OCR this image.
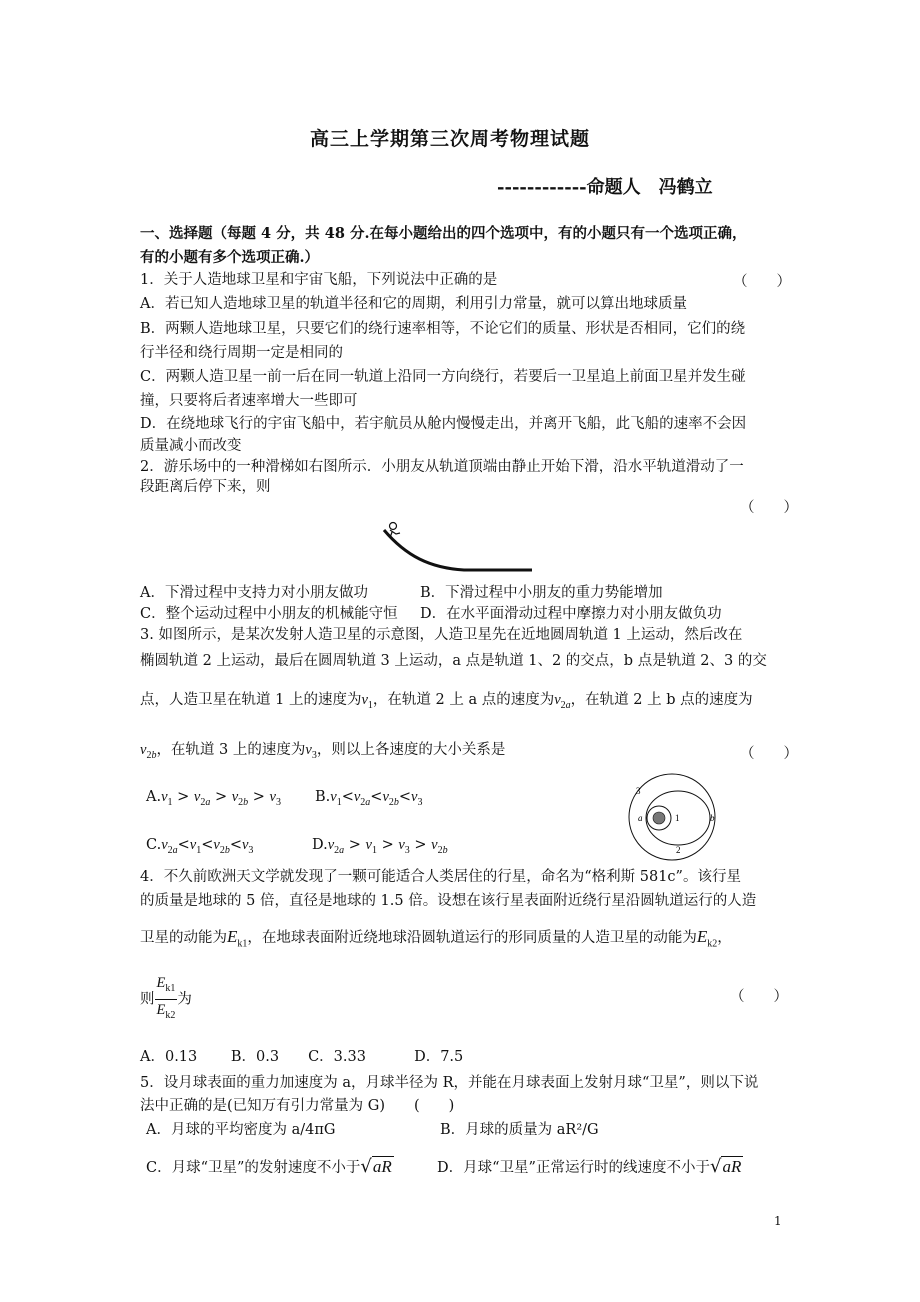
高三上学期第三次周考物理试题
------------命题人　冯鹤立
一、选择题（每题 4 分，共 48 分.在每小题给出的四个选项中，有的小题只有一个选项正确，
有的小题有多个选项正确.）
1．关于人造地球卫星和宇宙飞船，下列说法中正确的是	（　　）
A．若已知人造地球卫星的轨道半径和它的周期，利用引力常量，就可以算出地球质量
B．两颗人造地球卫星，只要它们的绕行速率相等，不论它们的质量、形状是否相同，它们的绕
行半径和绕行周期一定是相同的
C．两颗人造卫星一前一后在同一轨道上沿同一方向绕行，若要后一卫星追上前面卫星并发生碰
撞，只要将后者速率增大一些即可
D．在绕地球飞行的宇宙飞船中，若宇航员从舱内慢慢走出，并离开飞船，此飞船的速率不会因
质量减小而改变
2．游乐场中的一种滑梯如右图所示．小朋友从轨道顶端由静止开始下滑，沿水平轨道滑动了一
段距离后停下来，则
（　　）
A．下滑过程中支持力对小朋友做功	B．下滑过程中小朋友的重力势能增加
C．整个运动过程中小朋友的机械能守恒 D．在水平面滑动过程中摩擦力对小朋友做负功
3. 如图所示，是某次发射人造卫星的示意图，人造卫星先在近地圆周轨道 1 上运动，然后改在
椭圆轨道 2 上运动，最后在圆周轨道 3 上运动，a 点是轨道 1、2 的交点，b 点是轨道 2、3 的交
点，人造卫星在轨道 1 上的速度为$v_1$，在轨道 2 上 a 点的速度为$v_{2a}$，在轨道 2 上 b 点的速度为
$v_{2b}$，在轨道 3 上的速度为$v_3$，则以上各速度的大小关系是	（　　）
$A.v_1 > v_{2a} > v_{2b} > v_3$ $B.v_1<v_{2a}<v_{2b}<v_3$
$C.v_{2a}<v_1<v_{2b}<v_3$	$D.v_{2a} > v_1 > v_3 > v_{2b}$
3
a	1	b
2
4．不久前欧洲天文学就发现了一颗可能适合人类居住的行星，命名为“格利斯 581c”。该行星
的质量是地球的 5 倍，直径是地球的 1.5 倍。设想在该行星表面附近绕行星沿圆轨道运行的人造
卫星的动能为$E_{k1}$，在地球表面附近绕地球沿圆轨道运行的形同质量的人造卫星的动能为$E_{k2}$，
则 $\frac{E_{k1}}{E_{k2}}$ 为	（　　）
A．0.13　　 B．0.3　　C．3.33　　　 D．7.5
5．设月球表面的重力加速度为 a，月球半径为 R，并能在月球表面上发射月球“卫星”，则以下说
法中正确的是(已知万有引力常量为 G)　　(　　)
A．月球的平均密度为 a/4πG	B．月球的质量为 aR²/G
C．月球“卫星”的发射速度不小于√aR	D．月球“卫星”正常运行时的线速度不小于√aR
1
